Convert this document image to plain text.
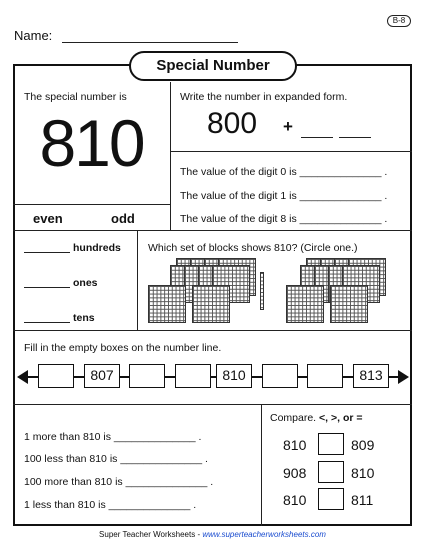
Name:
B-8
Special Number
The special number is
810
even	odd
Write the number in expanded form.
800 +
The value of the digit 0 is ______________ .
The value of the digit 1 is ______________ .
The value of the digit 8 is ______________ .
hundreds
ones
tens
Which set of blocks shows 810? (Circle one.)
Fill in the empty boxes on the number line.
807	810	813
1 more than 810 is ______________ .
100 less than 810 is ______________ .
100 more than 810 is ______________ .
1 less than 810 is ______________ .
Compare. <, >, or =
810	809
908	810
810	811
Super Teacher Worksheets - www.superteacherworksheets.com
